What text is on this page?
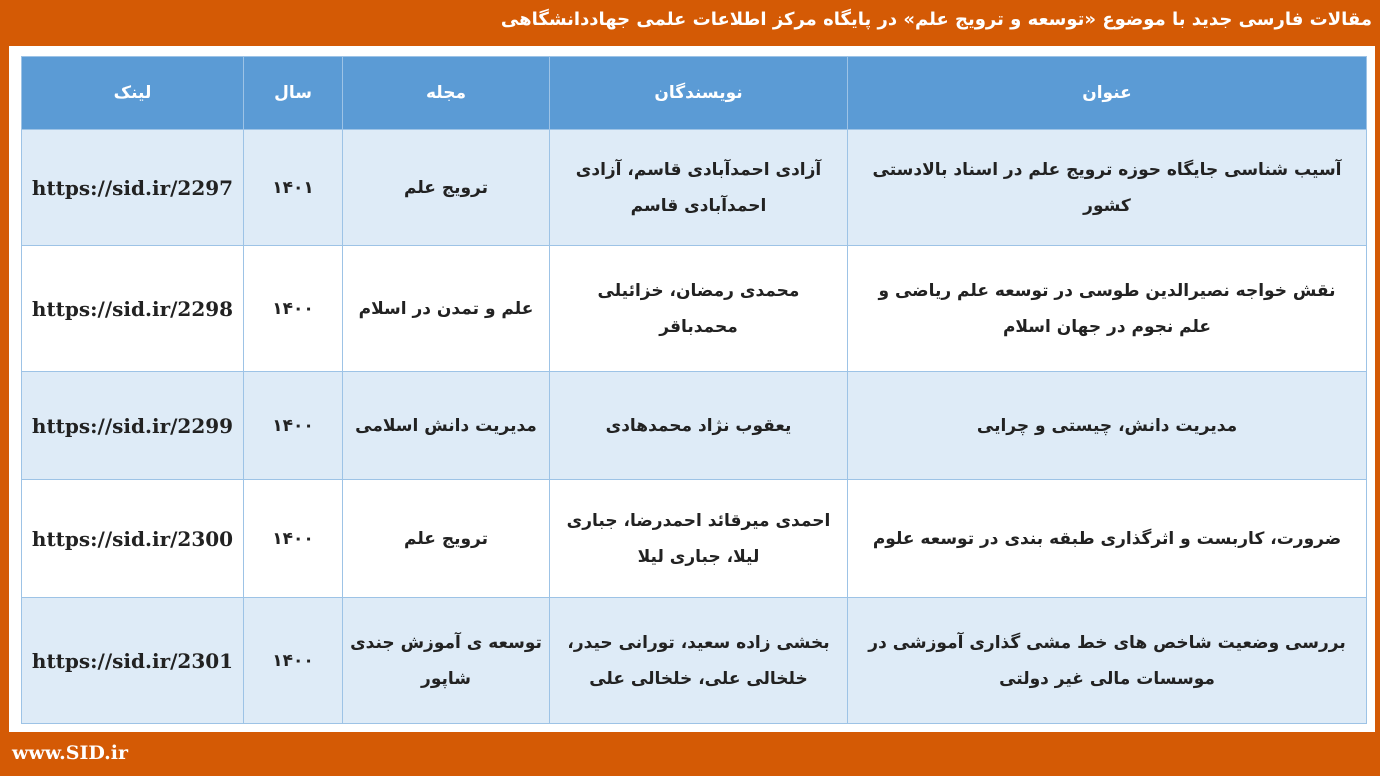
مقالات فارسی جدید با موضوع «توسعه و ترویج علم» در پایگاه مرکز اطلاعات علمی جهاددانشگاهی
عنوان	نویسندگان	مجله	سال	لینک
آسیب شناسی جایگاه حوزه ترویج علم در اسناد بالادستی کشور	آزادی احمدآبادی قاسم، آزادی احمدآبادی قاسم	ترویج علم	۱۴۰۱	https://sid.ir/2297
نقش خواجه نصیرالدین طوسی در توسعه علم ریاضی و علم نجوم در جهان اسلام	محمدی رمضان، خزائیلی محمدباقر	علم و تمدن در اسلام	۱۴۰۰	https://sid.ir/2298
مدیریت دانش، چیستی و چرایی	یعقوب نژاد محمدهادی	مدیریت دانش اسلامی	۱۴۰۰	https://sid.ir/2299
ضرورت، کاربست و اثرگذاری طبقه بندی در توسعه علوم	احمدی میرقائد احمدرضا، جباری لیلا، جباری لیلا	ترویج علم	۱۴۰۰	https://sid.ir/2300
بررسی وضعیت شاخص های خط مشی گذاری آموزشی در موسسات مالی غیر دولتی	بخشی زاده سعید، تورانی حیدر، خلخالی علی، خلخالی علی	توسعه ی آموزش جندی شاپور	۱۴۰۰	https://sid.ir/2301
www.SID.ir
